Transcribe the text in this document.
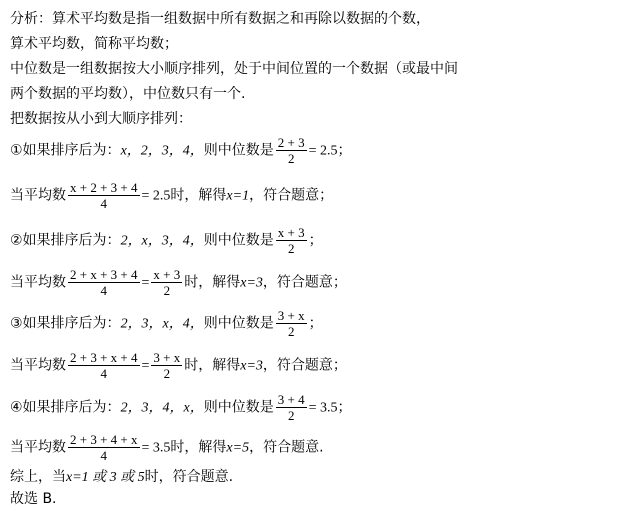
分析：算术平均数是指一组数据中所有数据之和再除以数据的个数，
算术平均数，简称平均数；
中位数是一组数据按大小顺序排列，处于中间位置的一个数据（或最中间
两个数据的平均数），中位数只有一个.
把数据按从小到大顺序排列：
①如果排序后为：x，2，3，4，则中位数是 $\frac{2 + 3}{2} = 2.5$；
当平均数 $\frac{x + 2 + 3 + 4}{4} = 2.5$时，解得x=1，符合题意；
②如果排序后为：2，x，3，4，则中位数是 $\frac{x + 3}{2}$ ；
当平均数 $\frac{2 + x + 3 + 4}{4} = \frac{x + 3}{2}$ 时，解得x=3，符合题意；
③如果排序后为：2，3，x，4，则中位数是 $\frac{3 + x}{2}$ ；
当平均数 $\frac{2 + 3 + x + 4}{4} = \frac{3 + x}{2}$ 时，解得x=3，符合题意；
④如果排序后为：2，3，4，x，则中位数是 $\frac{3 + 4}{2} = 3.5$；
当平均数 $\frac{2 + 3 + 4 + x}{4} = 3.5$时，解得x=5，符合题意.
综上，当x=1 或 3 或 5时，符合题意.
故选 B.
